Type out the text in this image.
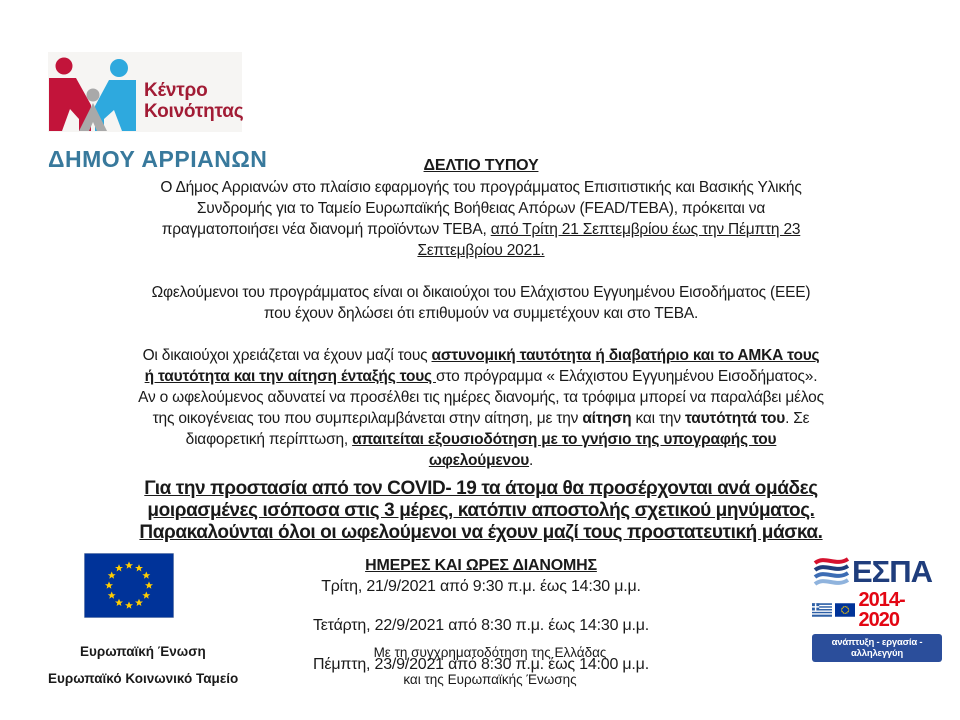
Κέντρο
Κοινότητας
ΔΗΜΟΥ ΑΡΡΙΑΝΩΝ	ΔΕΛΤΙΟ ΤΥΠΟΥ

Ο Δήμος Αρριανών στο πλαίσιο εφαρμογής του προγράμματος Επισιτιστικής και Βασικής Υλικής Συνδρομής για το Ταμείο Ευρωπαϊκής Βοήθειας Απόρων (FEAD/ΤΕΒΑ), πρόκειται να πραγματοποιήσει νέα διανομή προϊόντων ΤΕΒΑ, από Τρίτη 21 Σεπτεμβρίου έως την Πέμπτη 23 Σεπτεμβρίου 2021.

Ωφελούμενοι του προγράμματος είναι οι δικαιούχοι του Ελάχιστου Εγγυημένου Εισοδήματος (ΕΕΕ) που έχουν δηλώσει ότι επιθυμούν να συμμετέχουν και στο ΤΕΒΑ.

Οι δικαιούχοι χρειάζεται να έχουν μαζί τους αστυνομική ταυτότητα ή διαβατήριο και το ΑΜΚΑ τους ή ταυτότητα και την αίτηση ένταξής τους στο πρόγραμμα « Ελάχιστου Εγγυημένου Εισοδήματος».

Αν ο ωφελούμενος αδυνατεί να προσέλθει τις ημέρες διανομής, τα τρόφιμα μπορεί να παραλάβει μέλος της οικογένειας του που συμπεριλαμβάνεται στην αίτηση, με την αίτηση και την ταυτότητά του. Σε διαφορετική περίπτωση, απαιτείται εξουσιοδότηση με το γνήσιο της υπογραφής του ωφελούμενου.

Για την προστασία από τον COVID- 19 τα άτομα θα προσέρχονται ανά ομάδες μοιρασμένες ισόποσα στις 3 μέρες, κατόπιν αποστολής σχετικού μηνύματος. Παρακαλούνται όλοι οι ωφελούμενοι να έχουν μαζί τους προστατευτική μάσκα.

ΗΜΕΡΕΣ ΚΑΙ ΩΡΕΣ ΔΙΑΝΟΜΗΣ
Τρίτη, 21/9/2021 από 9:30 π.μ. έως 14:30 μ.μ.
Τετάρτη, 22/9/2021 από 8:30 π.μ. έως 14:30 μ.μ.
Πέμπτη, 23/9/2021 από 8:30 π.μ. έως 14:00 μ.μ.
ΕΣΠΑ
2014-2020
ανάπτυξη - εργασία - αλληλεγγύη
Ευρωπαϊκή Ένωση
Ευρωπαϊκό Κοινωνικό Ταμείο
Με τη συγχρηματοδότηση της Ελλάδας
και της Ευρωπαϊκής Ένωσης
